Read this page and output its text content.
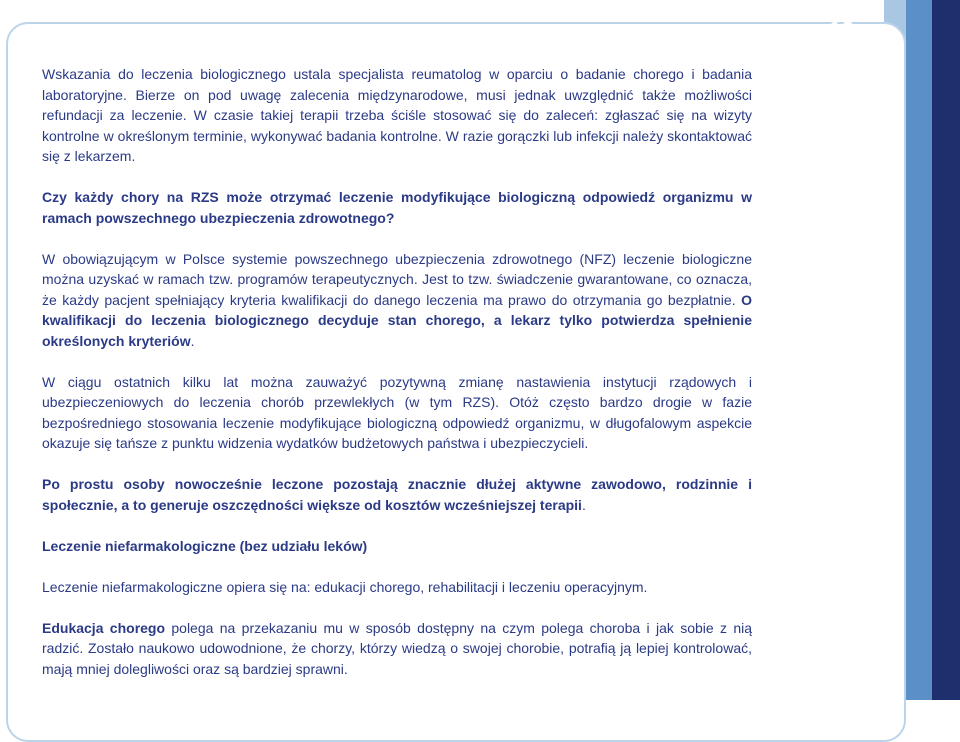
10

Wskazania do leczenia biologicznego ustala specjalista reumatolog w oparciu o badanie chorego i badania laboratoryjne. Bierze on pod uwagę zalecenia międzynarodowe, musi jednak uwzględnić także możliwości refundacji za leczenie. W czasie takiej terapii trzeba ściśle stosować się do zaleceń: zgłaszać się na wizyty kontrolne w określonym terminie, wykonywać badania kontrolne. W razie gorączki lub infekcji należy skontaktować się z lekarzem.

Czy każdy chory na RZS może otrzymać leczenie modyfikujące biologiczną odpowiedź organizmu w ramach powszechnego ubezpieczenia zdrowotnego?

W obowiązującym w Polsce systemie powszechnego ubezpieczenia zdrowotnego (NFZ) leczenie biologiczne można uzyskać w ramach tzw. programów terapeutycznych. Jest to tzw. świadczenie gwarantowane, co oznacza, że każdy pacjent spełniający kryteria kwalifikacji do danego leczenia ma prawo do otrzymania go bezpłatnie. O kwalifikacji do leczenia biologicznego decyduje stan chorego, a lekarz tylko potwierdza spełnienie określonych kryteriów.

W ciągu ostatnich kilku lat można zauważyć pozytywną zmianę nastawienia instytucji rządowych i ubezpieczeniowych do leczenia chorób przewlekłych (w tym RZS). Otóż często bardzo drogie w fazie bezpośredniego stosowania leczenie modyfikujące biologiczną odpowiedź organizmu, w długofalowym aspekcie okazuje się tańsze z punktu widzenia wydatków budżetowych państwa i ubezpieczycieli.

Po prostu osoby nowocześnie leczone pozostają znacznie dłużej aktywne zawodowo, rodzinnie i społecznie, a to generuje oszczędności większe od kosztów wcześniejszej terapii.

Leczenie niefarmakologiczne (bez udziału leków)

Leczenie niefarmakologiczne opiera się na: edukacji chorego, rehabilitacji i leczeniu operacyjnym.

Edukacja chorego polega na przekazaniu mu w sposób dostępny na czym polega choroba i jak sobie z nią radzić. Zostało naukowo udowodnione, że chorzy, którzy wiedzą o swojej chorobie, potrafią ją lepiej kontrolować, mają mniej dolegliwości oraz są bardziej sprawni.
